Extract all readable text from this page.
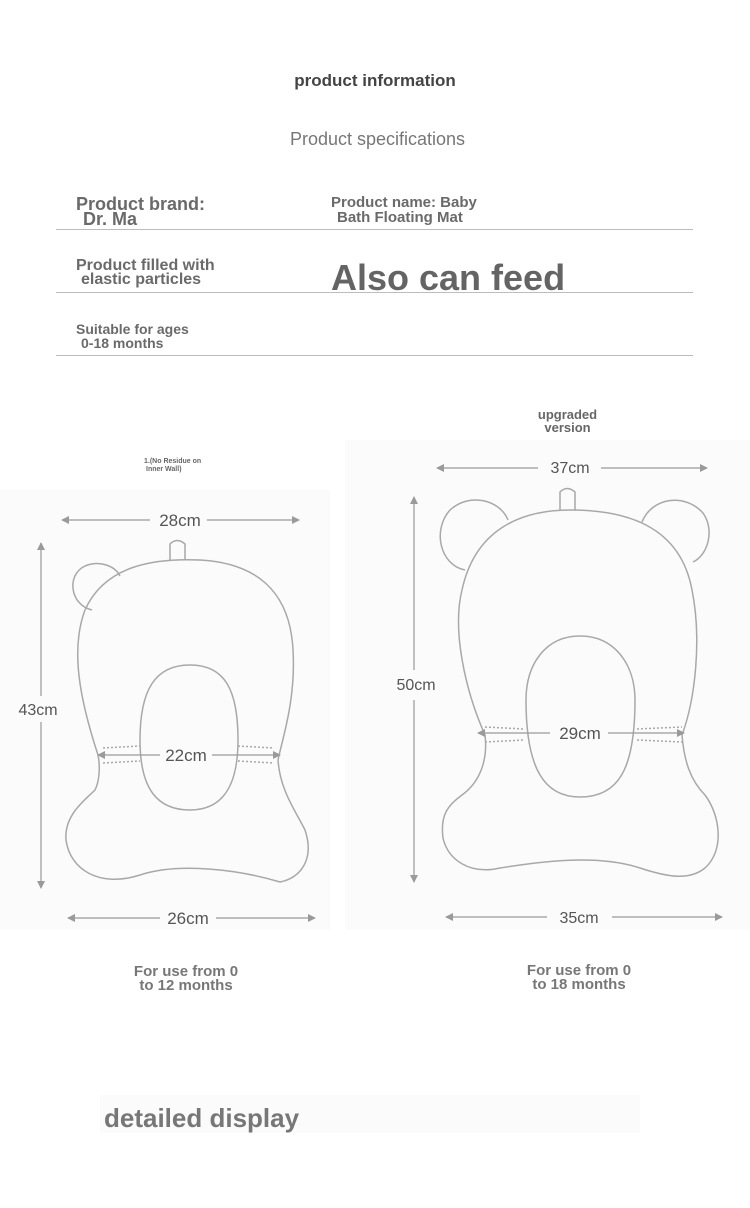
product information
Product specifications
Product brand:
Dr. Ma
Product name: Baby
Bath Floating Mat
Product filled with
elastic particles	Also can feed
Suitable for ages
0-18 months
1.(No Residue on
Inner Wall)
upgraded
version
28cm
43cm
22cm
26cm
37cm
50cm
29cm
35cm
For use from 0
to 12 months
For use from 0
to 18 months
detailed display
